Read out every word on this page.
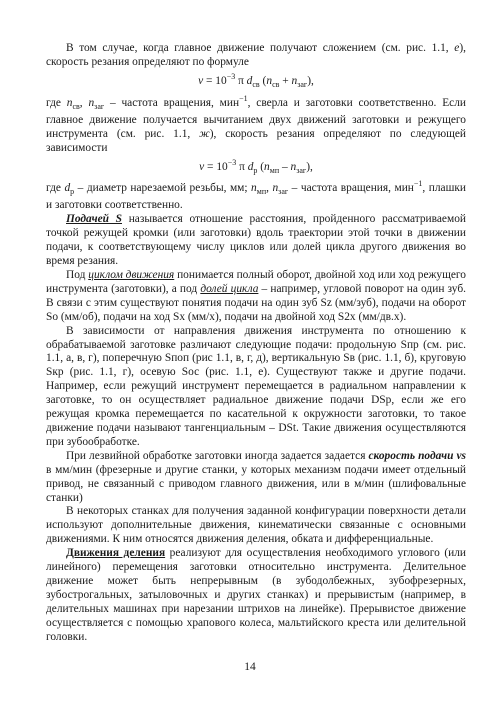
В том случае, когда главное движение получают сложением (см. рис. 1.1, е), скорость резания определяют по формуле

$v = 10^{-3}$ π $d_{св}$ $(n_{св} + n_{заг})$,

где $n_{св}$, $n_{заг}$ – частота вращения, мин$^{-1}$, сверла и заготовки соответственно. Если главное движение получается вычитанием двух движений заготовки и режущего инструмента (см. рис. 1.1, ж), скорость резания определяют по следующей зависимости

$v = 10^{-3}$ π $d_р$ $(n_{мп} - n_{заг})$,

где $d_р$ – диаметр нарезаемой резьбы, мм; $n_{мп}$, $n_{заг}$ – частота вращения, мин$^{-1}$, плашки и заготовки соответственно.

Подачей S называется отношение расстояния, пройденного рассматриваемой точкой режущей кромки (или заготовки) вдоль траектории этой точки в движении подачи, к соответствующему числу циклов или долей цикла другого движения во время резания.

Под циклом движения понимается полный оборот, двойной ход или ход режущего инструмента (заготовки), а под долей цикла – например, угловой поворот на один зуб. В связи с этим существуют понятия подачи на один зуб Sz (мм/зуб), подачи на оборот So (мм/об), подачи на ход Sx (мм/х), подачи на двойной ход S2x (мм/дв.х).

В зависимости от направления движения инструмента по отношению к обрабатываемой заготовке различают следующие подачи: продольную Sпр (см. рис. 1.1, а, в, г), поперечную Sпоп (рис 1.1, в, г, д), вертикальную Sв (рис. 1.1, б), круговую Sкр (рис. 1.1, г), осевую Sос (рис. 1.1, е). Существуют также и другие подачи. Например, если режущий инструмент перемещается в радиальном направлении к заготовке, то он осуществляет радиальное движение подачи DSр, если же его режущая кромка перемещается по касательной к окружности заготовки, то такое движение подачи называют тангенциальным – DSt. Такие движения осуществляются при зубообработке.

При лезвийной обработке заготовки иногда задается задается скорость подачи vs в мм/мин (фрезерные и другие станки, у которых механизм подачи имеет отдельный привод, не связанный с приводом главного движения, или в м/мин (шлифовальные станки)

В некоторых станках для получения заданной конфигурации поверхности детали используют дополнительные движения, кинематически связанные с основными движениями. К ним относятся движения деления, обката и дифференциальные.

Движения деления реализуют для осуществления необходимого углового (или линейного) перемещения заготовки относительно инструмента. Делительное движение может быть непрерывным (в зубодолбежных, зубофрезерных, зубострогальных, затыловочных и других станках) и прерывистым (например, в делительных машинах при нарезании штрихов на линейке). Прерывистое движение осуществляется с помощью храпового колеса, мальтийского креста или делительной головки.

14
